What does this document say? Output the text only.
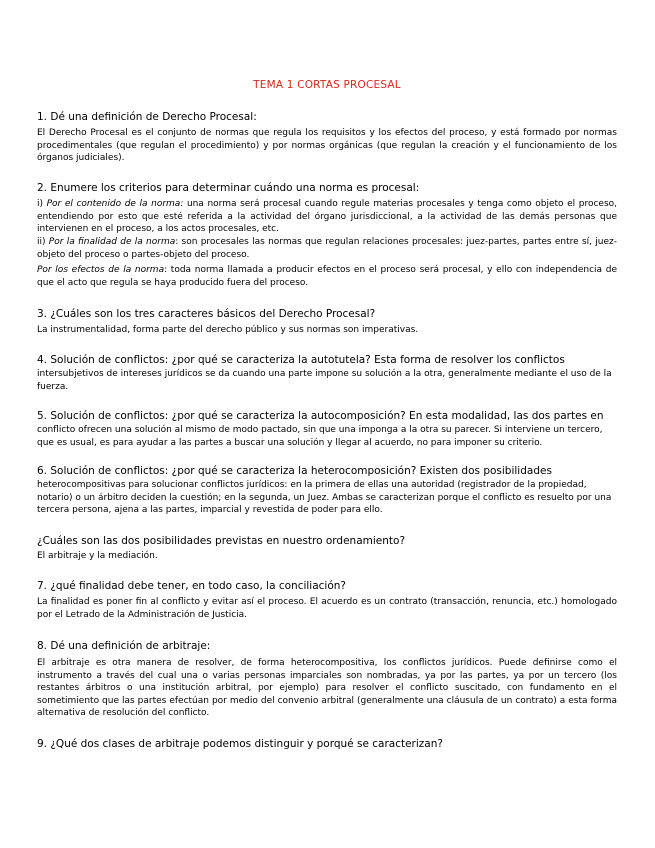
TEMA 1 CORTAS PROCESAL
1. Dé una definición de Derecho Procesal:
El Derecho Procesal es el conjunto de normas que regula los requisitos y los efectos del proceso, y está formado por normas procedimentales (que regulan el procedimiento) y por normas orgánicas (que regulan la creación y el funcionamiento de los órganos judiciales).
2. Enumere los criterios para determinar cuándo una norma es procesal:
i) Por el contenido de la norma: una norma será procesal cuando regule materias procesales y tenga como objeto el proceso, entendiendo por esto que esté referida a la actividad del órgano jurisdiccional, a la actividad de las demás personas que intervienen en el proceso, a los actos procesales, etc.
ii) Por la finalidad de la norma: son procesales las normas que regulan relaciones procesales: juez-partes, partes entre sí, juez-objeto del proceso o partes-objeto del proceso.
Por los efectos de la norma: toda norma llamada a producir efectos en el proceso será procesal, y ello con independencia de que el acto que regula se haya producido fuera del proceso.
3. ¿Cuáles son los tres caracteres básicos del Derecho Procesal?
La instrumentalidad, forma parte del derecho público y sus normas son imperativas.
4. Solución de conflictos: ¿por qué se caracteriza la autotutela? Esta forma de resolver los conflictos
intersubjetivos de intereses jurídicos se da cuando una parte impone su solución a la otra, generalmente mediante el uso de la fuerza.
5. Solución de conflictos: ¿por qué se caracteriza la autocomposición? En esta modalidad, las dos partes en
conflicto ofrecen una solución al mismo de modo pactado, sin que una imponga a la otra su parecer. Si interviene un tercero, que es usual, es para ayudar a las partes a buscar una solución y llegar al acuerdo, no para imponer su criterio.
6. Solución de conflictos: ¿por qué se caracteriza la heterocomposición? Existen dos posibilidades
heterocompositivas para solucionar conflictos jurídicos: en la primera de ellas una autoridad (registrador de la propiedad, notario) o un árbitro deciden la cuestión; en la segunda, un Juez. Ambas se caracterizan porque el conflicto es resuelto por una tercera persona, ajena a las partes, imparcial y revestida de poder para ello.
¿Cuáles son las dos posibilidades previstas en nuestro ordenamiento?
El arbitraje y la mediación.
7. ¿qué finalidad debe tener, en todo caso, la conciliación?
La finalidad es poner fin al conflicto y evitar así el proceso. El acuerdo es un contrato (transacción, renuncia, etc.) homologado por el Letrado de la Administración de Justicia.
8. Dé una definición de arbitraje:
El arbitraje es otra manera de resolver, de forma heterocompositiva, los conflictos jurídicos. Puede definirse como el instrumento a través del cual una o varias personas imparciales son nombradas, ya por las partes, ya por un tercero (los restantes árbitros o una institución arbitral, por ejemplo) para resolver el conflicto suscitado, con fundamento en el sometimiento que las partes efectúan por medio del convenio arbitral (generalmente una cláusula de un contrato) a esta forma alternativa de resolución del conflicto.
9. ¿Qué dos clases de arbitraje podemos distinguir y porqué se caracterizan?
